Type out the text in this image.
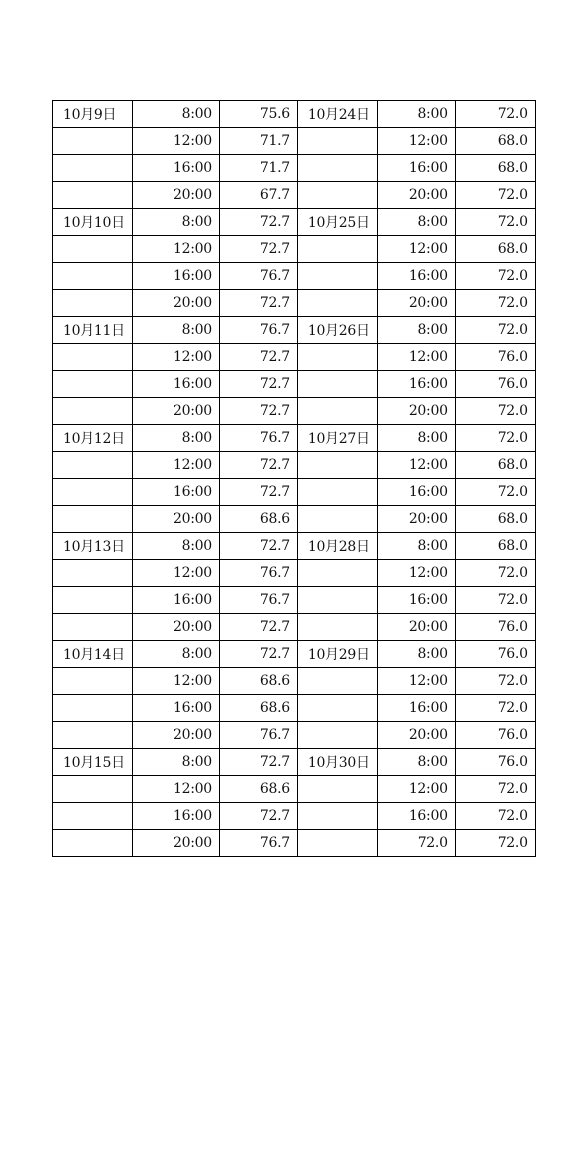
10月9日	8:00	75.6	10月24日	8:00	72.0
	12:00	71.7		12:00	68.0
	16:00	71.7		16:00	68.0
	20:00	67.7		20:00	72.0
10月10日	8:00	72.7	10月25日	8:00	72.0
	12:00	72.7		12:00	68.0
	16:00	76.7		16:00	72.0
	20:00	72.7		20:00	72.0
10月11日	8:00	76.7	10月26日	8:00	72.0
	12:00	72.7		12:00	76.0
	16:00	72.7		16:00	76.0
	20:00	72.7		20:00	72.0
10月12日	8:00	76.7	10月27日	8:00	72.0
	12:00	72.7		12:00	68.0
	16:00	72.7		16:00	72.0
	20:00	68.6		20:00	68.0
10月13日	8:00	72.7	10月28日	8:00	68.0
	12:00	76.7		12:00	72.0
	16:00	76.7		16:00	72.0
	20:00	72.7		20:00	76.0
10月14日	8:00	72.7	10月29日	8:00	76.0
	12:00	68.6		12:00	72.0
	16:00	68.6		16:00	72.0
	20:00	76.7		20:00	76.0
10月15日	8:00	72.7	10月30日	8:00	76.0
	12:00	68.6		12:00	72.0
	16:00	72.7		16:00	72.0
	20:00	76.7		72.0	72.0
